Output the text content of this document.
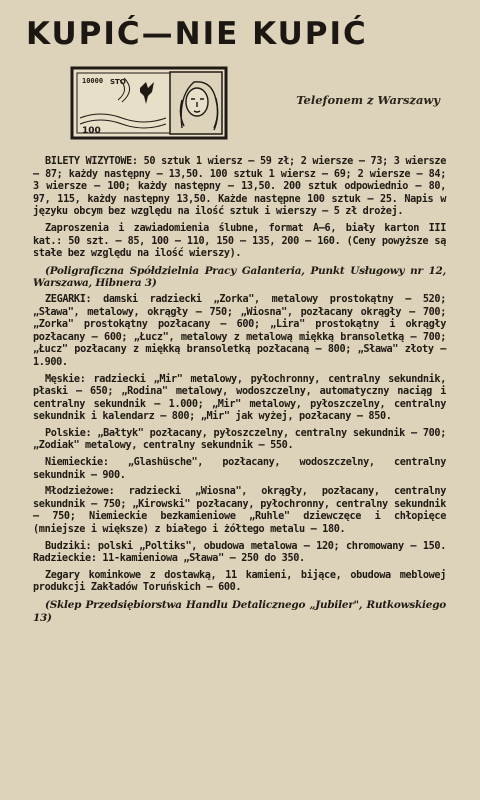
KUPIĆ—NIE KUPIĆ
10000 STO
100
Telefonem z Warszawy

BILETY WIZYTOWE: 50 sztuk 1 wiersz — 59 zł; 2 wiersze — 73; 3 wiersze — 87; każdy następny — 13,50. 100 sztuk 1 wiersz — 69; 2 wiersze — 84; 3 wiersze — 100; każdy następny — 13,50. 200 sztuk odpowiednio — 80, 97, 115, każdy następny 13,50. Każde następne 100 sztuk — 25. Napis w języku obcym bez względu na ilość sztuk i wierszy — 5 zł drożej.

Zaproszenia i zawiadomienia ślubne, format A—6, biały karton III kat.: 50 szt. — 85, 100 — 110, 150 — 135, 200 — 160. (Ceny powyższe są stałe bez względu na ilość wierszy).

(Poligraficzna Spółdzielnia Pracy Galanteria, Punkt Usługowy nr 12, Warszawa, Hibnera 3)

ZEGARKI: damski radziecki „Zorka", metalowy prostokątny — 520; „Sława", metalowy, okrągły — 750; „Wiosna", pozłacany okrągły — 700; „Zorka" prostokątny pozłacany — 600; „Lira" prostokątny i okrągły pozłacany — 600; „Łucz", metalowy z metalową miękką bransoletką — 700; „Łucz" pozłacany z miękką bransoletką pozłacaną — 800; „Sława" złoty — 1.900.

Męskie: radziecki „Mir" metalowy, pyłochronny, centralny sekundnik, płaski — 650; „Rodina" metalowy, wodoszczelny, automatyczny naciąg i centralny sekundnik — 1.000; „Mir" metalowy, pyłoszczelny, centralny sekundnik i kalendarz — 800; „Mir" jak wyżej, pozłacany — 850.

Polskie: „Bałtyk" pozłacany, pyłoszczelny, centralny sekundnik — 700; „Zodiak" metalowy, centralny sekundnik — 550.

Niemieckie: „Glashüsche", pozłacany, wodoszczelny, centralny sekundnik — 900.

Młodzieżowe: radziecki „Wiosna", okrągły, pozłacany, centralny sekundnik — 750; „Kirowski" pozłacany, pyłochronny, centralny sekundnik — 750; Niemieckie bezkamieniowe „Ruhle" dziewczęce i chłopięce (mniejsze i większe) z białego i żółtego metalu — 180.

Budziki: polski „Poltiks", obudowa metalowa — 120; chromowany — 150. Radzieckie: 11-kamieniowa „Sława" — 250 do 350.

Zegary kominkowe z dostawką, 11 kamieni, bijące, obudowa meblowej produkcji Zakładów Toruńskich — 600.

(Sklep Przedsiębiorstwa Handlu Detalicznego „Jubiler", Rutkowskiego 13)
